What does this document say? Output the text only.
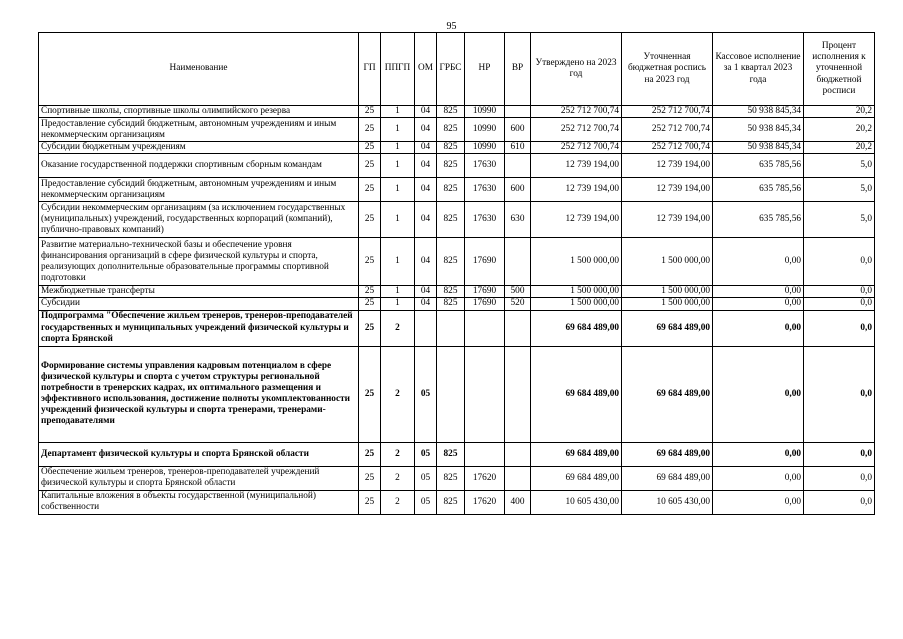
95
Наименование	ГП	ППГП	ОМ	ГРБС	НР	ВР	Утверждено на 2023 год	Уточненная бюджетная роспись на 2023 год	Кассовое исполнение за 1 квартал 2023 года	Процент исполнения к уточненной бюджетной росписи
Спортивные школы, спортивные школы олимпийского резерва	25	1	04	825	10990		252 712 700,74	252 712 700,74	50 938 845,34	20,2
Предоставление субсидий бюджетным, автономным учреждениям и иным некоммерческим организациям	25	1	04	825	10990	600	252 712 700,74	252 712 700,74	50 938 845,34	20,2
Субсидии бюджетным учреждениям	25	1	04	825	10990	610	252 712 700,74	252 712 700,74	50 938 845,34	20,2
Оказание государственной поддержки спортивным сборным командам	25	1	04	825	17630		12 739 194,00	12 739 194,00	635 785,56	5,0
Предоставление субсидий бюджетным, автономным учреждениям и иным некоммерческим организациям	25	1	04	825	17630	600	12 739 194,00	12 739 194,00	635 785,56	5,0
Субсидии некоммерческим организациям (за исключением государственных (муниципальных) учреждений, государственных корпораций (компаний), публично-правовых компаний)	25	1	04	825	17630	630	12 739 194,00	12 739 194,00	635 785,56	5,0
Развитие материально-технической базы и обеспечение уровня финансирования организаций в сфере физической культуры и спорта, реализующих дополнительные образовательные программы спортивной подготовки	25	1	04	825	17690		1 500 000,00	1 500 000,00	0,00	0,0
Межбюджетные трансферты	25	1	04	825	17690	500	1 500 000,00	1 500 000,00	0,00	0,0
Субсидии	25	1	04	825	17690	520	1 500 000,00	1 500 000,00	0,00	0,0
Подпрограмма "Обеспечение жильем тренеров, тренеров-преподавателей государственных и муниципальных учреждений физической культуры и спорта Брянской	25	2					69 684 489,00	69 684 489,00	0,00	0,0
Формирование системы управления кадровым потенциалом в сфере физической культуры и спорта с учетом структуры региональной потребности в тренерских кадрах, их оптимального размещения и эффективного использования, достижение полноты укомплектованности учреждений физической культуры и спорта тренерами, тренерами-преподавателями	25	2	05				69 684 489,00	69 684 489,00	0,00	0,0
Департамент физической культуры и спорта Брянской области	25	2	05	825			69 684 489,00	69 684 489,00	0,00	0,0
Обеспечение жильем тренеров, тренеров-преподавателей учреждений физической культуры и спорта Брянской области	25	2	05	825	17620		69 684 489,00	69 684 489,00	0,00	0,0
Капитальные вложения в объекты государственной (муниципальной) собственности	25	2	05	825	17620	400	10 605 430,00	10 605 430,00	0,00	0,0
